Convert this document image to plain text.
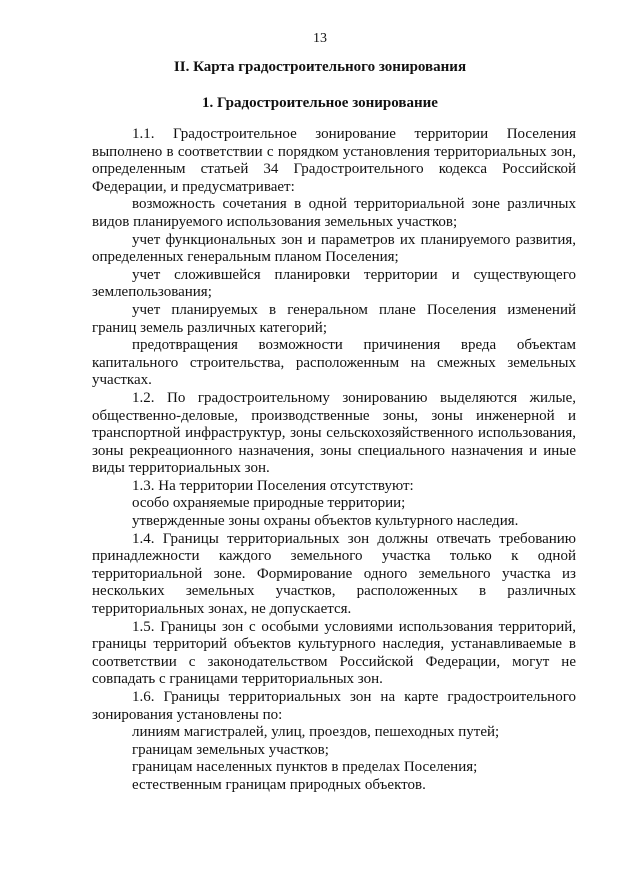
13
II. Карта градостроительного зонирования
1. Градостроительное зонирование

1.1. Градостроительное зонирование территории Поселения выполнено в соответствии с порядком установления территориальных зон, определенным статьей 34 Градостроительного кодекса Российской Федерации, и предусматривает:

возможность сочетания в одной территориальной зоне различных видов планируемого использования земельных участков;

учет функциональных зон и параметров их планируемого развития, определенных генеральным планом Поселения;

учет сложившейся планировки территории и существующего землепользования;

учет планируемых в генеральном плане Поселения изменений границ земель различных категорий;

предотвращения возможности причинения вреда объектам капитального строительства, расположенным на смежных земельных участках.

1.2. По градостроительному зонированию выделяются жилые, общественно-деловые, производственные зоны, зоны инженерной и транспортной инфраструктур, зоны сельскохозяйственного использования, зоны рекреационного назначения, зоны специального назначения и иные виды территориальных зон.

1.3. На территории Поселения отсутствуют:

особо охраняемые природные территории;

утвержденные зоны охраны объектов культурного наследия.

1.4. Границы территориальных зон должны отвечать требованию принадлежности каждого земельного участка только к одной территориальной зоне. Формирование одного земельного участка из нескольких земельных участков, расположенных в различных территориальных зонах, не допускается.

1.5. Границы зон с особыми условиями использования территорий, границы территорий объектов культурного наследия, устанавливаемые в соответствии с законодательством Российской Федерации, могут не совпадать с границами территориальных зон.

1.6. Границы территориальных зон на карте градостроительного зонирования установлены по:

линиям магистралей, улиц, проездов, пешеходных путей;

границам земельных участков;

границам населенных пунктов в пределах Поселения;

естественным границам природных объектов.
